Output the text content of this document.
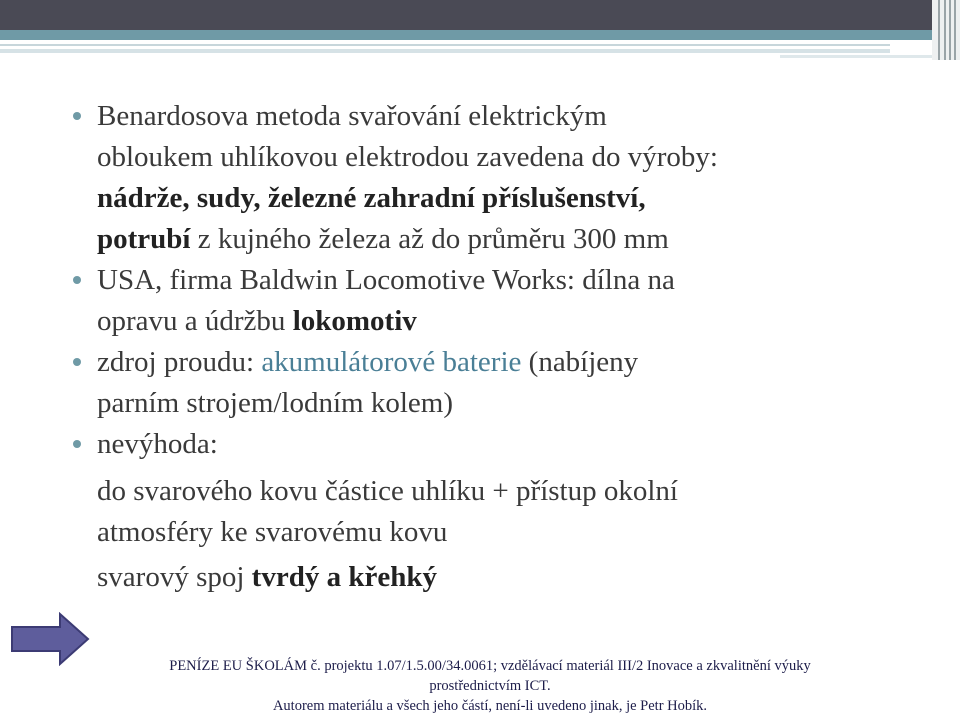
Benardosova metoda svařování elektrickým
obloukem uhlíkovou elektrodou zavedena do výroby:
nádrže, sudy, železné zahradní příslušenství,
potrubí z kujného železa až do průměru 300 mm

USA, firma Baldwin Locomotive Works: dílna na
opravu a údržbu lokomotiv

zdroj proudu: akumulátorové baterie (nabíjeny
parním strojem/lodním kolem)

nevýhoda:

do svarového kovu částice uhlíku + přístup okolní
atmosféry ke svarovému kovu

svarový spoj tvrdý a křehký

PENÍZE EU ŠKOLÁM č. projektu 1.07/1.5.00/34.0061; vzdělávací materiál III/2 Inovace a zkvalitnění výuky
prostřednictvím ICT.
Autorem materiálu a všech jeho částí, není-li uvedeno jinak, je Petr Hobík.
